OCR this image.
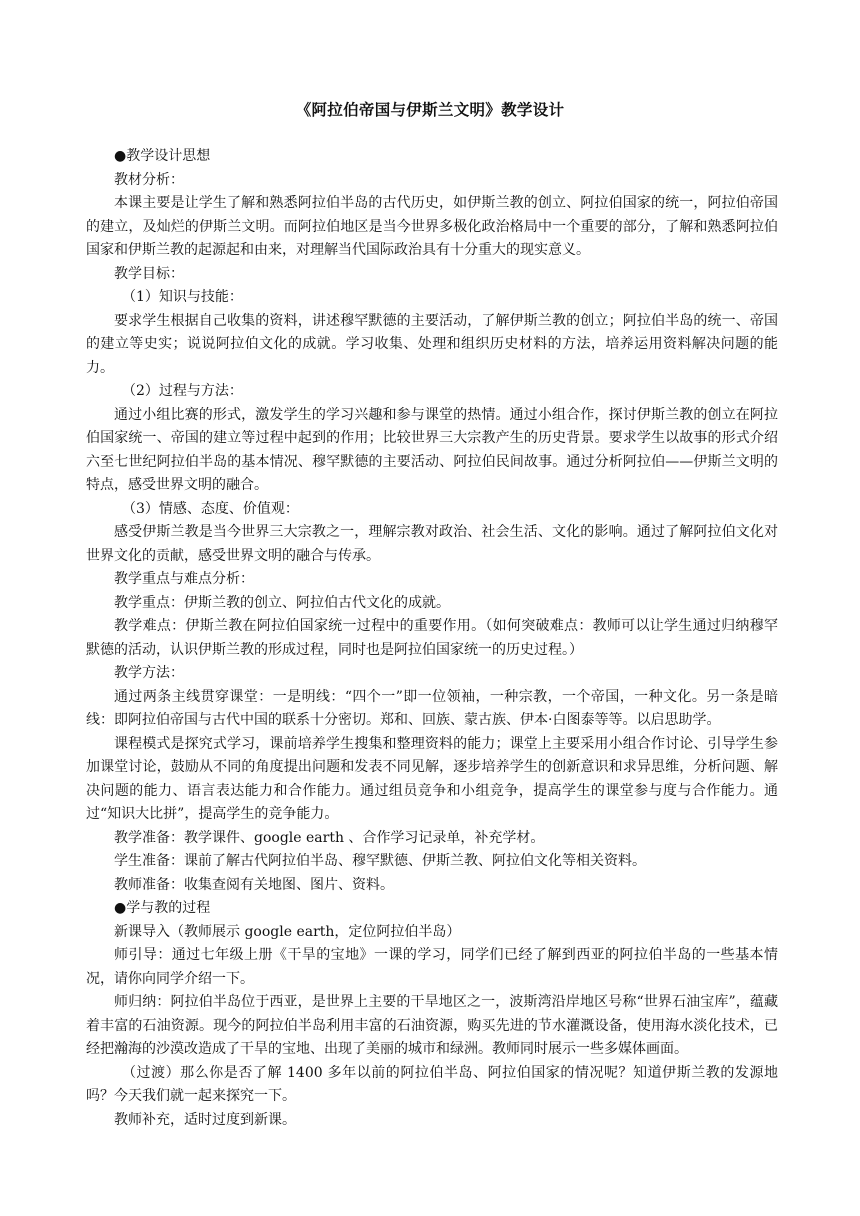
《阿拉伯帝国与伊斯兰文明》教学设计

●教学设计思想

教材分析：

本课主要是让学生了解和熟悉阿拉伯半岛的古代历史，如伊斯兰教的创立、阿拉伯国家的统一，阿拉伯帝国的建立，及灿烂的伊斯兰文明。而阿拉伯地区是当今世界多极化政治格局中一个重要的部分，了解和熟悉阿拉伯国家和伊斯兰教的起源起和由来，对理解当代国际政治具有十分重大的现实意义。

教学目标：

（1）知识与技能：

要求学生根据自己收集的资料，讲述穆罕默德的主要活动，了解伊斯兰教的创立；阿拉伯半岛的统一、帝国的建立等史实；说说阿拉伯文化的成就。学习收集、处理和组织历史材料的方法，培养运用资料解决问题的能力。

（2）过程与方法：

通过小组比赛的形式，激发学生的学习兴趣和参与课堂的热情。通过小组合作，探讨伊斯兰教的创立在阿拉伯国家统一、帝国的建立等过程中起到的作用；比较世界三大宗教产生的历史背景。要求学生以故事的形式介绍六至七世纪阿拉伯半岛的基本情况、穆罕默德的主要活动、阿拉伯民间故事。通过分析阿拉伯——伊斯兰文明的特点，感受世界文明的融合。

（3）情感、态度、价值观：

感受伊斯兰教是当今世界三大宗教之一，理解宗教对政治、社会生活、文化的影响。通过了解阿拉伯文化对世界文化的贡献，感受世界文明的融合与传承。

教学重点与难点分析：

教学重点：伊斯兰教的创立、阿拉伯古代文化的成就。

教学难点：伊斯兰教在阿拉伯国家统一过程中的重要作用。（如何突破难点：教师可以让学生通过归纳穆罕默德的活动，认识伊斯兰教的形成过程，同时也是阿拉伯国家统一的历史过程。）

教学方法：

通过两条主线贯穿课堂：一是明线：“四个一”即一位领袖，一种宗教，一个帝国，一种文化。另一条是暗线：即阿拉伯帝国与古代中国的联系十分密切。郑和、回族、蒙古族、伊本·白图泰等等。以启思助学。

课程模式是探究式学习，课前培养学生搜集和整理资料的能力；课堂上主要采用小组合作讨论、引导学生参加课堂讨论，鼓励从不同的角度提出问题和发表不同见解，逐步培养学生的创新意识和求异思维，分析问题、解决问题的能力、语言表达能力和合作能力。通过组员竞争和小组竞争，提高学生的课堂参与度与合作能力。通过“知识大比拼”，提高学生的竞争能力。

教学准备：教学课件、google earth 、合作学习记录单，补充学材。

学生准备：课前了解古代阿拉伯半岛、穆罕默德、伊斯兰教、阿拉伯文化等相关资料。

教师准备：收集查阅有关地图、图片、资料。

●学与教的过程

新课导入（教师展示 google earth，定位阿拉伯半岛）

师引导：通过七年级上册《干旱的宝地》一课的学习，同学们已经了解到西亚的阿拉伯半岛的一些基本情况，请你向同学介绍一下。

师归纳：阿拉伯半岛位于西亚，是世界上主要的干旱地区之一，波斯湾沿岸地区号称“世界石油宝库”，蕴藏着丰富的石油资源。现今的阿拉伯半岛利用丰富的石油资源，购买先进的节水灌溉设备，使用海水淡化技术，已经把瀚海的沙漠改造成了干旱的宝地、出现了美丽的城市和绿洲。教师同时展示一些多媒体画面。

（过渡）那么你是否了解 1400 多年以前的阿拉伯半岛、阿拉伯国家的情况呢？知道伊斯兰教的发源地吗？今天我们就一起来探究一下。

教师补充，适时过度到新课。
